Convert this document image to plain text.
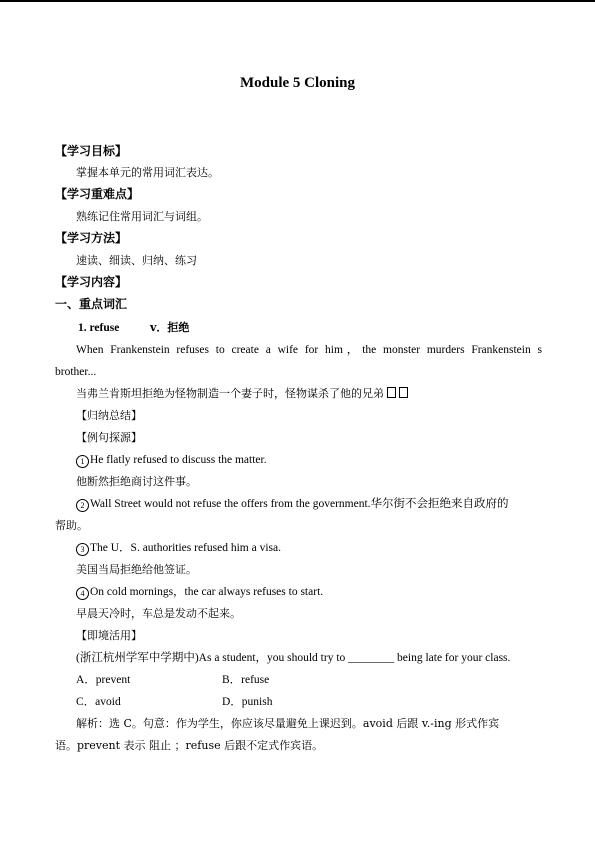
Module 5 Cloning
【学习目标】
掌握本单元的常用词汇表达。
【学习重难点】
熟练记住常用词汇与词组。
【学习方法】
速读、细读、归纳、练习
【学习内容】
一、重点词汇
1. refuse	v．拒绝
When Frankenstein refuses to create a wife for him，the monster murders Frankenstein s
brother...
当弗兰肯斯坦拒绝为怪物制造一个妻子时，怪物谋杀了他的兄弟
【归纳总结】
【例句探源】
1 He flatly refused to discuss the matter.
他断然拒绝商讨这件事。
2 Wall Street would not refuse the offers from the government.华尔街不会拒绝来自政府的
帮助。
3 The U．S. authorities refused him a visa.
美国当局拒绝给他签证。
4 On cold mornings，the car always refuses to start.
早晨天冷时，车总是发动不起来。
【即境活用】
(浙江杭州学军中学期中)As a student，you should try to ________ being late for your class.
A．prevent	B．refuse
C．avoid	D．punish
解析：选 C。句意：作为学生，你应该尽量避免上课迟到。avoid 后跟 v.-ing 形式作宾
语。prevent 表示 阻止 ；refuse 后跟不定式作宾语。
